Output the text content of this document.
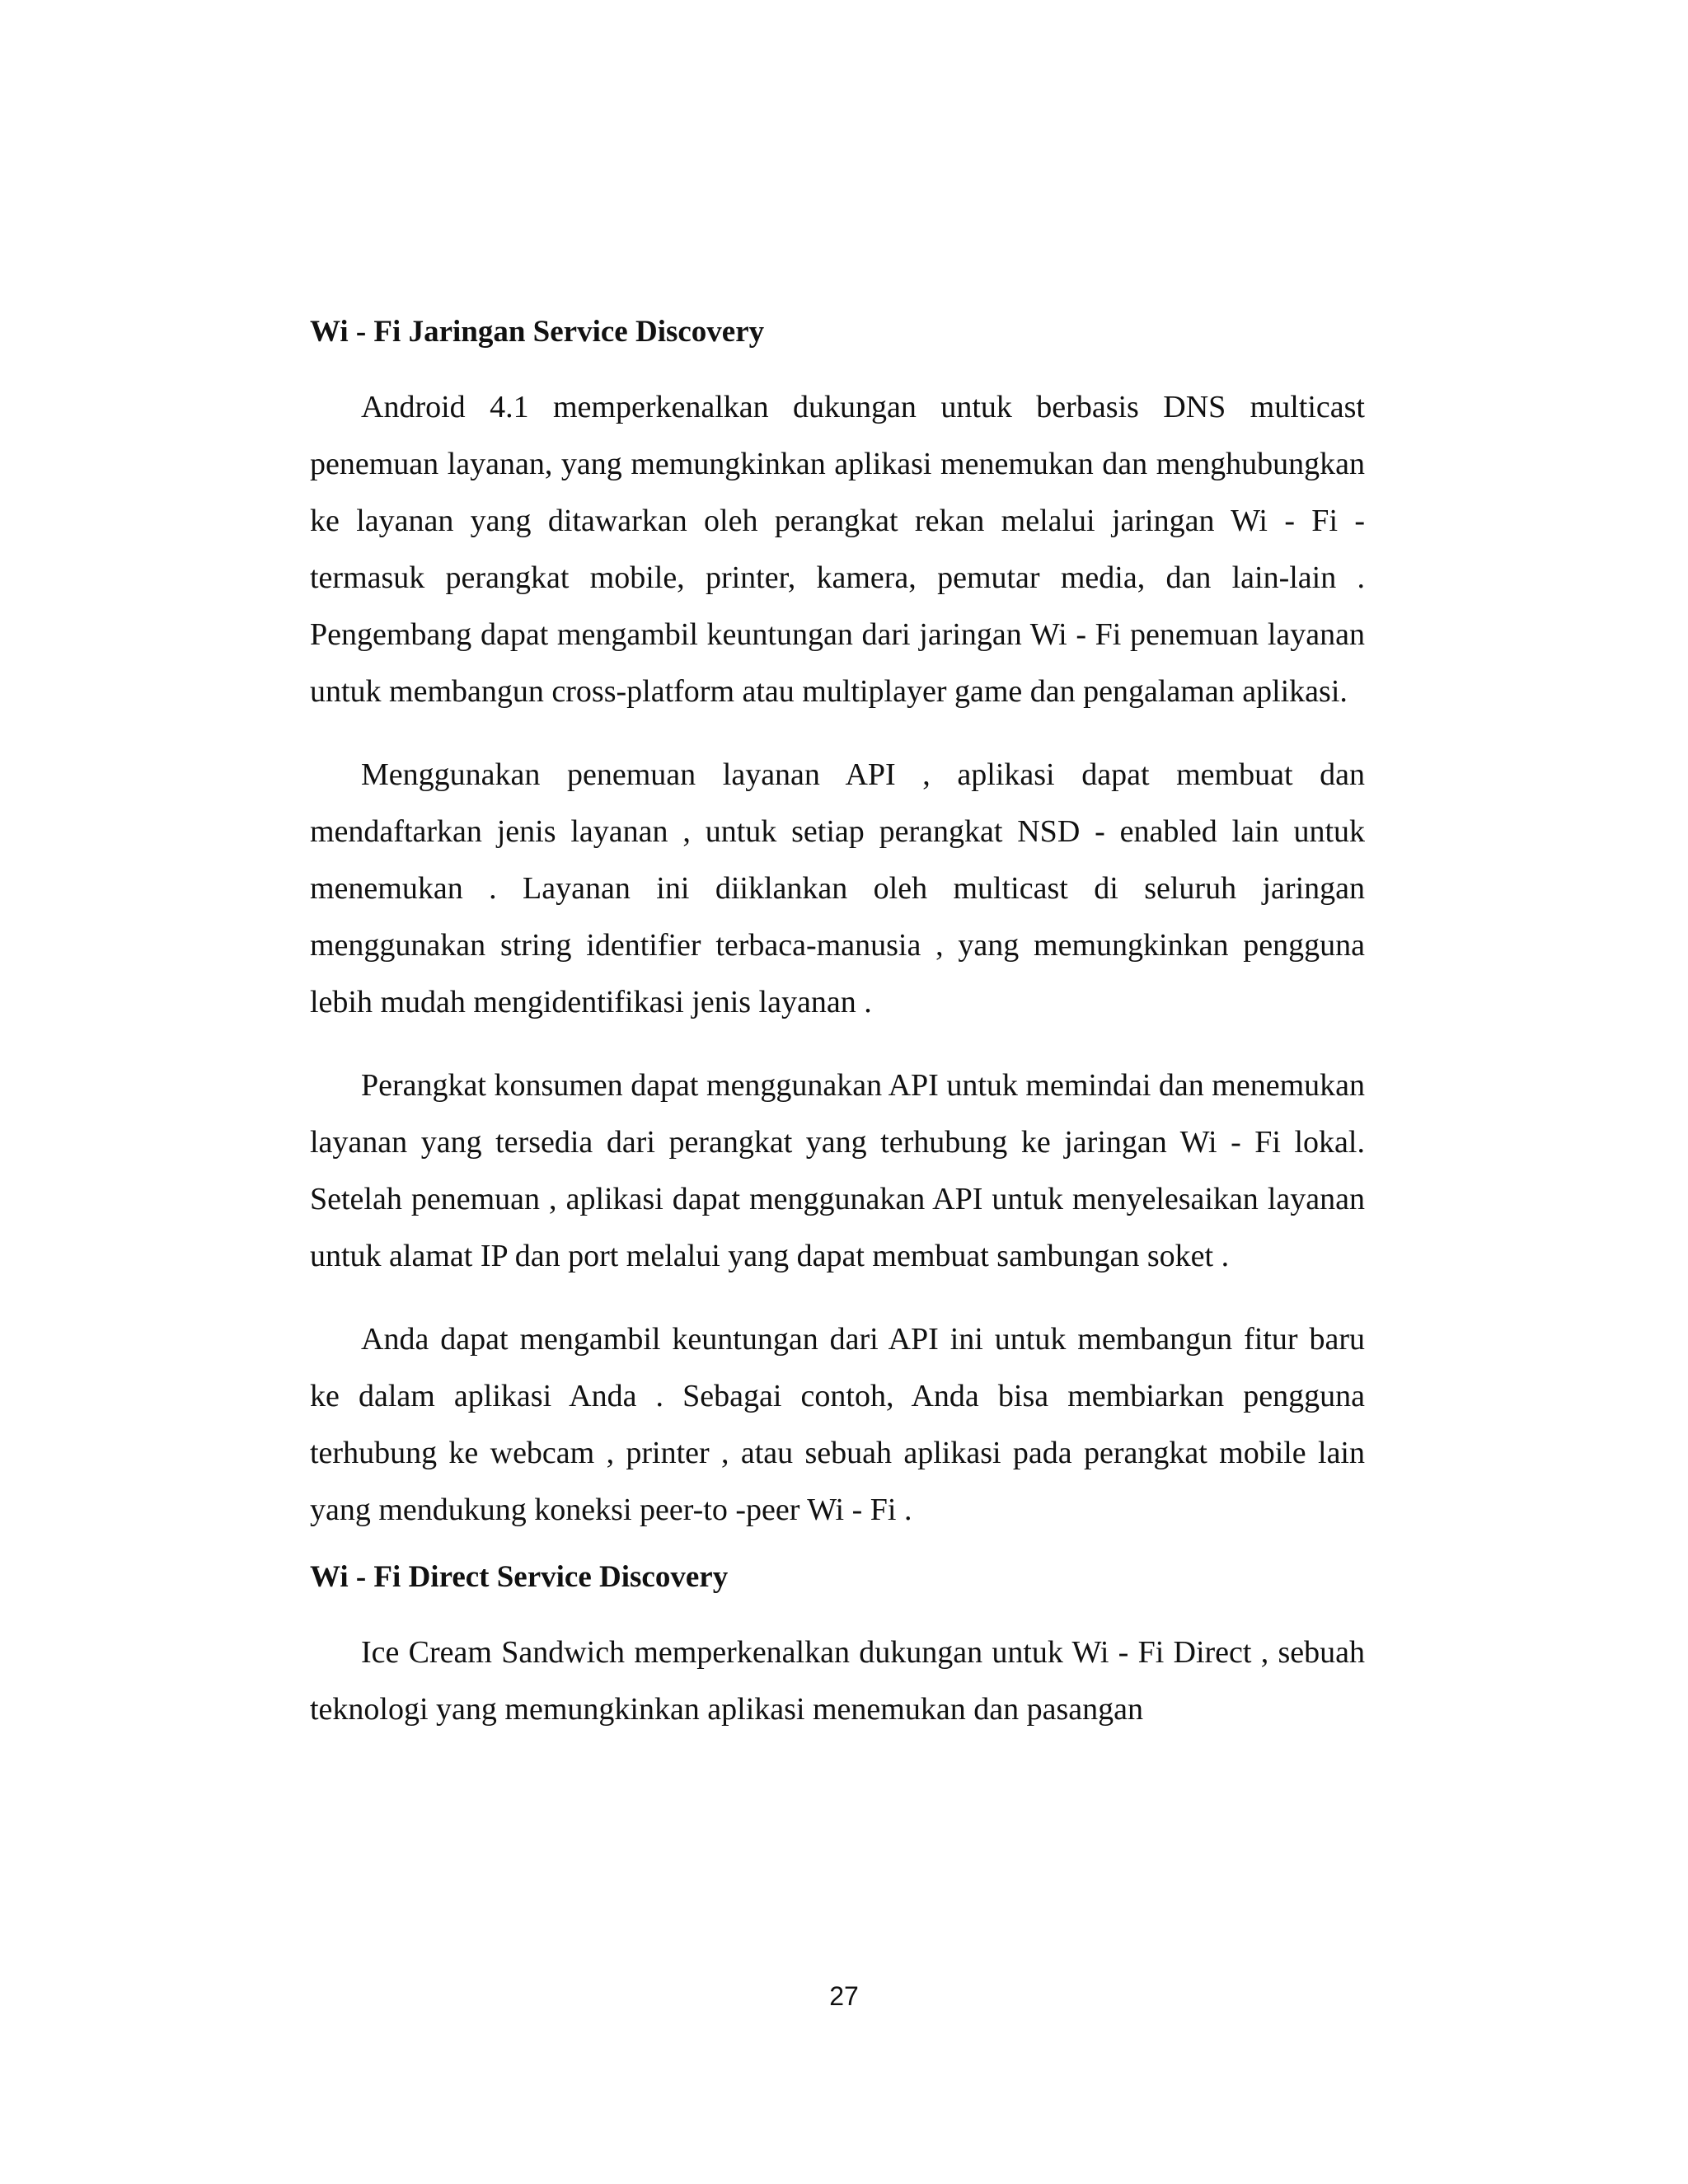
Wi - Fi Jaringan Service Discovery

Android 4.1 memperkenalkan dukungan untuk berbasis DNS multicast penemuan layanan, yang memungkinkan aplikasi menemukan dan menghubungkan ke layanan yang ditawarkan oleh perangkat rekan melalui jaringan Wi - Fi - termasuk perangkat mobile, printer, kamera, pemutar media, dan lain-lain . Pengembang dapat mengambil keuntungan dari jaringan Wi - Fi penemuan layanan untuk membangun cross-platform atau multiplayer game dan pengalaman aplikasi.

Menggunakan penemuan layanan API , aplikasi dapat membuat dan mendaftarkan jenis layanan , untuk setiap perangkat NSD - enabled lain untuk menemukan . Layanan ini diiklankan oleh multicast di seluruh jaringan menggunakan string identifier terbaca-manusia , yang memungkinkan pengguna lebih mudah mengidentifikasi jenis layanan .

Perangkat konsumen dapat menggunakan API untuk memindai dan menemukan layanan yang tersedia dari perangkat yang terhubung ke jaringan Wi - Fi lokal. Setelah penemuan , aplikasi dapat menggunakan API untuk menyelesaikan layanan untuk alamat IP dan port melalui yang dapat membuat sambungan soket .

Anda dapat mengambil keuntungan dari API ini untuk membangun fitur baru ke dalam aplikasi Anda . Sebagai contoh, Anda bisa membiarkan pengguna terhubung ke webcam , printer , atau sebuah aplikasi pada perangkat mobile lain yang mendukung koneksi peer-to -peer Wi - Fi .

Wi - Fi Direct Service Discovery

Ice Cream Sandwich memperkenalkan dukungan untuk Wi - Fi Direct , sebuah teknologi yang memungkinkan aplikasi menemukan dan pasangan

27
